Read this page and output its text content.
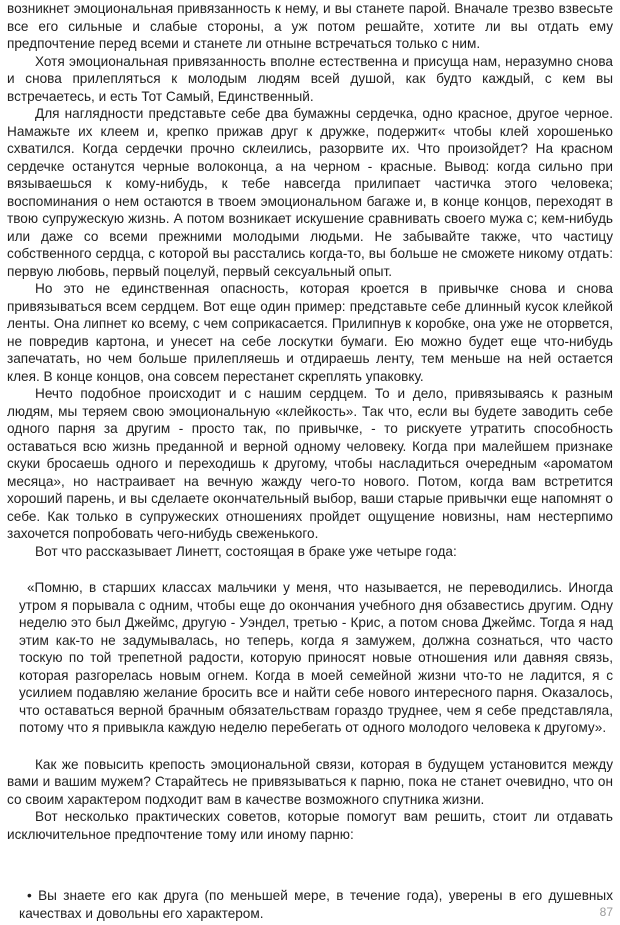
возникнет эмоциональная привязанность к нему, и вы станете парой. Вначале трезво взвесьте все его сильные и слабые стороны, а уж потом решайте, хотите ли вы отдать ему предпочтение перед всеми и станете ли отныне встречаться только с ним.

Хотя эмоциональная привязанность вполне естественна и присуща нам, неразумно снова и снова прилепляться к молодым людям всей душой, как будто каждый, с кем вы встречаетесь, и есть Тот Самый, Единственный.

Для наглядности представьте себе два бумажны сердечка, одно красное, другое черное. Намажьте их клеем и, крепко прижав друг к дружке, подержит« чтобы клей хорошенько схватился. Когда сердечки прочно склеились, разорвите их. Что произойдет? На красном сердечке останутся черные волоконца, а на черном - красные. Вывод: когда сильно при вязываешься к кому-нибудь, к тебе навсегда прилипает частичка этого человека; воспоминания о нем остаются в твоем эмоциональном багаже и, в конце концов, переходят в твою супружескую жизнь. А потом возникает искушение сравнивать своего мужа с; кем-нибудь или даже со всеми прежними молодыми людьми. Не забывайте также, что частицу собственного сердца, с которой вы расстались когда-то, вы больше не сможете никому отдать: первую любовь, первый поцелуй, первый сексуальный опыт.

Но это не единственная опасность, которая кроется в привычке снова и снова привязываться всем сердцем. Вот еще один пример: представьте себе длинный кусок клейкой ленты. Она липнет ко всему, с чем соприкасается. Прилипнув к коробке, она уже не оторвется, не повредив картона, и унесет на себе лоскутки бумаги. Ею можно будет еще что-нибудь запечатать, но чем больше прилепляешь и отдираешь ленту, тем меньше на ней остается клея. В конце концов, она совсем перестанет скреплять упаковку.

Нечто подобное происходит и с нашим сердцем. То и дело, привязываясь к разным людям, мы теряем свою эмоциональную «клейкость». Так что, если вы будете заводить себе одного парня за другим - просто так, по привычке, - то рискуете утратить способность оставаться всю жизнь преданной и верной одному человеку. Когда при малейшем признаке скуки бросаешь одного и переходишь к другому, чтобы насладиться очередным «ароматом месяца», но настраивает на вечную жажду чего-то нового. Потом, когда вам встретится хороший парень, и вы сделаете окончательный выбор, ваши старые привычки еще напомнят о себе. Как только в супружеских отношениях пройдет ощущение новизны, нам нестерпимо захочется попробовать чего-нибудь свеженького.

Вот что рассказывает Линетт, состоящая в браке уже четыре года:

«Помню, в старших классах мальчики у меня, что называется, не переводились. Иногда утром я порывала с одним, чтобы еще до окончания учебного дня обзавестись другим. Одну неделю это был Джеймс, другую - Уэндел, третью - Крис, а потом снова Джеймс. Тогда я над этим как-то не задумывалась, но теперь, когда я замужем, должна сознаться, что часто тоскую по той трепетной радости, которую приносят новые отношения или давняя связь, которая разгорелась новым огнем. Когда в моей семейной жизни что-то не ладится, я с усилием подавляю желание бросить все и найти себе нового интересного парня. Оказалось, что оставаться верной брачным обязательствам гораздо труднее, чем я себе представляла, потому что я привыкла каждую неделю перебегать от одного молодого человека к другому».

Как же повысить крепость эмоциональной связи, которая в будущем установится между вами и вашим мужем? Старайтесь не привязываться к парню, пока не станет очевидно, что он со своим характером подходит вам в качестве возможного спутника жизни.

Вот несколько практических советов, которые помогут вам решить, стоит ли отдавать исключительное предпочтение тому или иному парню:

• Вы знаете его как друга (по меньшей мере, в течение года), уверены в его душевных качествах и довольны его характером.	87
